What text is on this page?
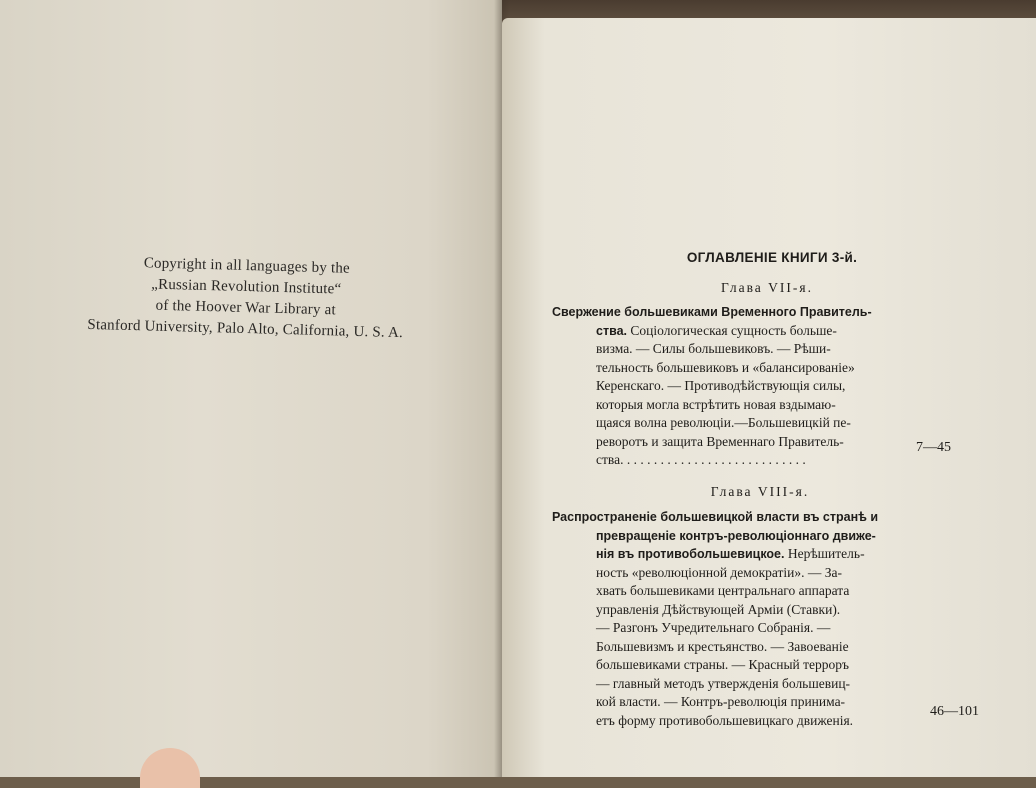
Copyright in all languages by the
„Russian Revolution Institute“
of the Hoover War Library at
Stanford University, Palo Alto, California, U. S. A.
ОГЛАВЛЕНІЕ КНИГИ 3-й.
Глава VII-я.
Свержение большевиками Временного Правитель-
ства. Соціологическая сущность больше-
визма. — Силы большевиковъ. — Рѣши-
тельность большевиковъ и «балансированіе»
Керенскаго. — Противодѣйствующія силы,
которыя могла встрѣтить новая вздымаю-
щаяся волна революціи.—Большевицкій пе-
реворотъ и защита Временнаго Правитель-
ства. . . . . . . . . . . . . . . . . . . . . . . . . . . .
7—45
Глава VIII-я.
Распространеніе большевицкой власти въ странѣ и
превращеніе контръ-революціоннаго движе-
нія въ противобольшевицкое. Нерѣшитель-
ность «революціонной демократіи». — За-
хвать большевиками центральнаго аппарата
управленія Дѣйствующей Арміи (Ставки).
— Разгонъ Учредительнаго Собранія. —
Большевизмъ и крестьянство. — Завоеваніе
большевиками страны. — Красный терроръ
— главный методъ утвержденія большевиц-
кой власти. — Контръ-революція принима-
етъ форму противобольшевицкаго движенія.
46—101
